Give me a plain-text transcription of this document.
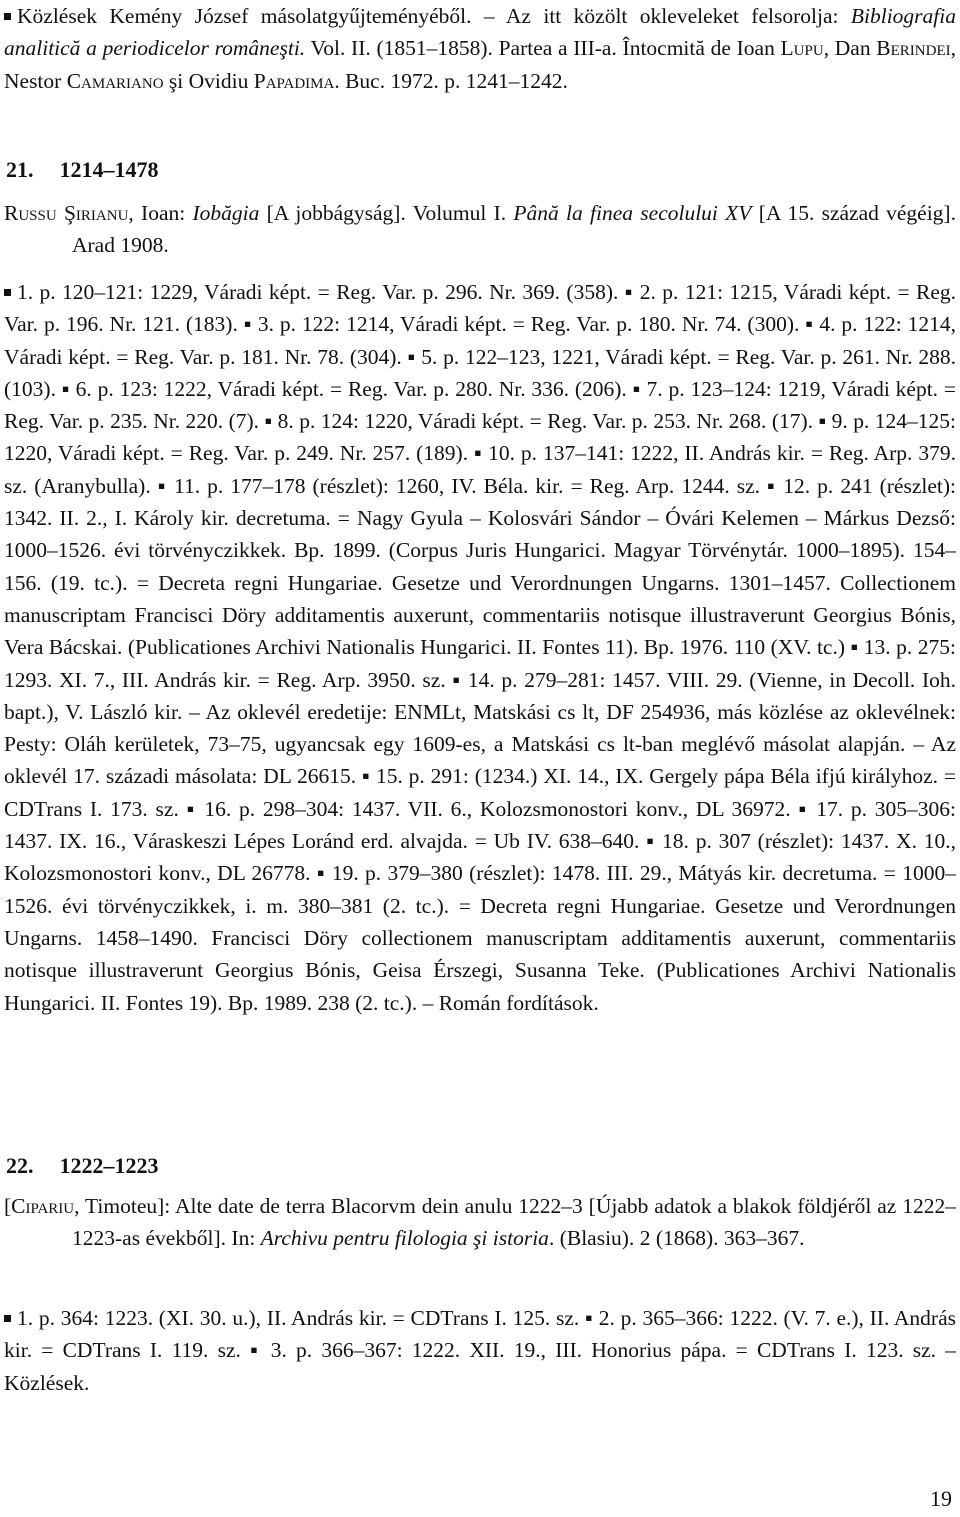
Közlések Kemény József másolatgyűjteményéből. – Az itt közölt okleveleket felsorolja: Bibliografia analitică a periodicelor româneşti. Vol. II. (1851–1858). Partea a III-a. Întocmită de Ioan Lupu, Dan Berindei, Nestor Camariano şi Ovidiu Papadima. Buc. 1972. p. 1241–1242.

21. 1214–1478

Russu Şirianu, Ioan: Iobăgia [A jobbágyság]. Volumul I. Până la finea secolului XV [A 15. század végéig]. Arad 1908.

1. p. 120–121: 1229, Váradi képt. = Reg. Var. p. 296. Nr. 369. (358). ▪ 2. p. 121: 1215, Váradi képt. = Reg. Var. p. 196. Nr. 121. (183). ▪ 3. p. 122: 1214, Váradi képt. = Reg. Var. p. 180. Nr. 74. (300). ▪ 4. p. 122: 1214, Váradi képt. = Reg. Var. p. 181. Nr. 78. (304). ▪ 5. p. 122–123, 1221, Váradi képt. = Reg. Var. p. 261. Nr. 288. (103). ▪ 6. p. 123: 1222, Váradi képt. = Reg. Var. p. 280. Nr. 336. (206). ▪ 7. p. 123–124: 1219, Váradi képt. = Reg. Var. p. 235. Nr. 220. (7). ▪ 8. p. 124: 1220, Váradi képt. = Reg. Var. p. 253. Nr. 268. (17). ▪ 9. p. 124–125: 1220, Váradi képt. = Reg. Var. p. 249. Nr. 257. (189). ▪ 10. p. 137–141: 1222, II. András kir. = Reg. Arp. 379. sz. (Aranybulla). ▪ 11. p. 177–178 (részlet): 1260, IV. Béla. kir. = Reg. Arp. 1244. sz. ▪ 12. p. 241 (részlet): 1342. II. 2., I. Károly kir. decretuma. = Nagy Gyula – Kolosvári Sándor – Óvári Kelemen – Márkus Dezső: 1000–1526. évi törvényczikkek. Bp. 1899. (Corpus Juris Hungarici. Magyar Törvénytár. 1000–1895). 154–156. (19. tc.). = Decreta regni Hungariae. Gesetze und Verordnungen Ungarns. 1301–1457. Collectionem manuscriptam Francisci Döry additamentis auxerunt, commentariis notisque illustraverunt Georgius Bónis, Vera Bácskai. (Publicationes Archivi Nationalis Hungarici. II. Fontes 11). Bp. 1976. 110 (XV. tc.) ▪ 13. p. 275: 1293. XI. 7., III. András kir. = Reg. Arp. 3950. sz. ▪ 14. p. 279–281: 1457. VIII. 29. (Vienne, in Decoll. Ioh. bapt.), V. László kir. – Az oklevél eredetije: ENMLt, Matskási cs lt, DF 254936, más közlése az oklevélnek: Pesty: Oláh kerületek, 73–75, ugyancsak egy 1609-es, a Matskási cs lt-ban meglévő másolat alapján. – Az oklevél 17. századi másolata: DL 26615. ▪ 15. p. 291: (1234.) XI. 14., IX. Gergely pápa Béla ifjú királyhoz. = CDTrans I. 173. sz. ▪ 16. p. 298–304: 1437. VII. 6., Kolozsmonostori konv., DL 36972. ▪ 17. p. 305–306: 1437. IX. 16., Váraskeszi Lépes Loránd erd. alvajda. = Ub IV. 638–640. ▪ 18. p. 307 (részlet): 1437. X. 10., Kolozsmonostori konv., DL 26778. ▪ 19. p. 379–380 (részlet): 1478. III. 29., Mátyás kir. decretuma. = 1000–1526. évi törvényczikkek, i. m. 380–381 (2. tc.). = Decreta regni Hungariae. Gesetze und Verordnungen Ungarns. 1458–1490. Francisci Döry collectionem manuscriptam additamentis auxerunt, commentariis notisque illustraverunt Georgius Bónis, Geisa Érszegi, Susanna Teke. (Publicationes Archivi Nationalis Hungarici. II. Fontes 19). Bp. 1989. 238 (2. tc.). – Román fordítások.

22. 1222–1223

[Cipariu, Timoteu]: Alte date de terra Blacorvm dein anulu 1222–3 [Újabb adatok a blakok földjéről az 1222–1223-as évekből]. In: Archivu pentru filologia şi istoria. (Blasiu). 2 (1868). 363–367.

1. p. 364: 1223. (XI. 30. u.), II. András kir. = CDTrans I. 125. sz. ▪ 2. p. 365–366: 1222. (V. 7. e.), II. András kir. = CDTrans I. 119. sz. ▪ 3. p. 366–367: 1222. XII. 19., III. Honorius pápa. = CDTrans I. 123. sz. – Közlések.

19
